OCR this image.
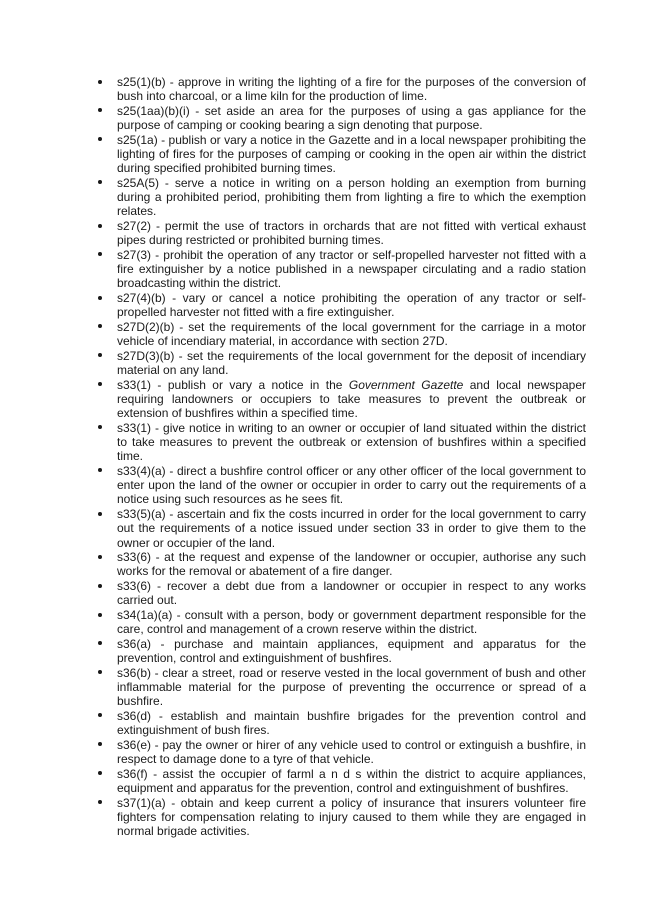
s25(1)(b) - approve in writing the lighting of a fire for the purposes of the conversion of bush into charcoal, or a lime kiln for the production of lime.
s25(1aa)(b)(i) - set aside an area for the purposes of using a gas appliance for the purpose of camping or cooking bearing a sign denoting that purpose.
s25(1a) - publish or vary a notice in the Gazette and in a local newspaper prohibiting the lighting of fires for the purposes of camping or cooking in the open air within the district during specified prohibited burning times.
s25A(5) - serve a notice in writing on a person holding an exemption from burning during a prohibited period, prohibiting them from lighting a fire to which the exemption relates.
s27(2) - permit the use of tractors in orchards that are not fitted with vertical exhaust pipes during restricted or prohibited burning times.
s27(3) - prohibit the operation of any tractor or self-propelled harvester not fitted with a fire extinguisher by a notice published in a newspaper circulating and a radio station broadcasting within the district.
s27(4)(b) - vary or cancel a notice prohibiting the operation of any tractor or self-propelled harvester not fitted with a fire extinguisher.
s27D(2)(b) - set the requirements of the local government for the carriage in a motor vehicle of incendiary material, in accordance with section 27D.
s27D(3)(b) - set the requirements of the local government for the deposit of incendiary material on any land.
s33(1) - publish or vary a notice in the Government Gazette and local newspaper requiring landowners or occupiers to take measures to prevent the outbreak or extension of bushfires within a specified time.
s33(1) - give notice in writing to an owner or occupier of land situated within the district to take measures to prevent the outbreak or extension of bushfires within a specified time.
s33(4)(a) - direct a bushfire control officer or any other officer of the local government to enter upon the land of the owner or occupier in order to carry out the requirements of a notice using such resources as he sees fit.
s33(5)(a) - ascertain and fix the costs incurred in order for the local government to carry out the requirements of a notice issued under section 33 in order to give them to the owner or occupier of the land.
s33(6) - at the request and expense of the landowner or occupier, authorise any such works for the removal or abatement of a fire danger.
s33(6) - recover a debt due from a landowner or occupier in respect to any works carried out.
s34(1a)(a) - consult with a person, body or government department responsible for the care, control and management of a crown reserve within the district.
s36(a) - purchase and maintain appliances, equipment and apparatus for the prevention, control and extinguishment of bushfires.
s36(b) - clear a street, road or reserve vested in the local government of bush and other inflammable material for the purpose of preventing the occurrence or spread of a bushfire.
s36(d) - establish and maintain bushfire brigades for the prevention control and extinguishment of bush fires.
s36(e) - pay the owner or hirer of any vehicle used to control or extinguish a bushfire, in respect to damage done to a tyre of that vehicle.
s36(f) - assist the occupier of farml a n d s within the district to acquire appliances, equipment and apparatus for the prevention, control and extinguishment of bushfires.
s37(1)(a) - obtain and keep current a policy of insurance that insurers volunteer fire fighters for compensation relating to injury caused to them while they are engaged in normal brigade activities.
